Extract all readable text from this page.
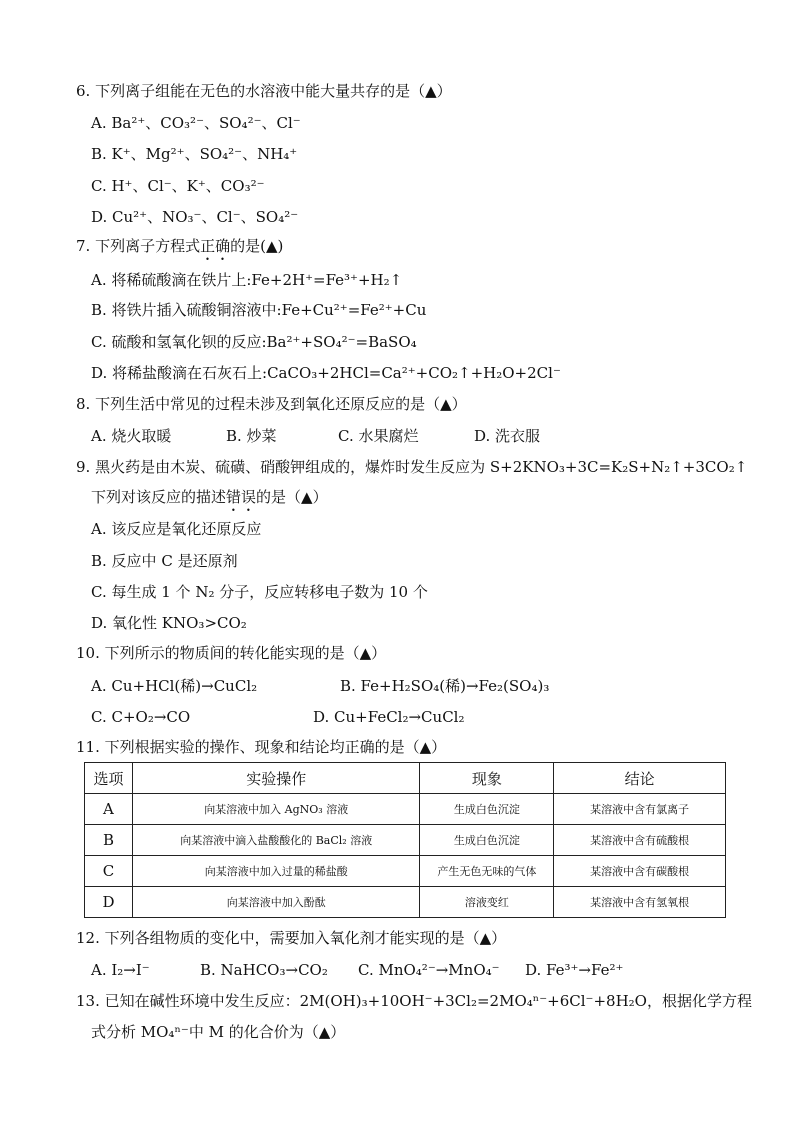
6. 下列离子组能在无色的水溶液中能大量共存的是（▲）
A. Ba²⁺、CO₃²⁻、SO₄²⁻、Cl⁻
B. K⁺、Mg²⁺、SO₄²⁻、NH₄⁺
C. H⁺、Cl⁻、K⁺、CO₃²⁻
D. Cu²⁺、NO₃⁻、Cl⁻、SO₄²⁻
7. 下列离子方程式正确的是(▲)
A. 将稀硫酸滴在铁片上:Fe+2H⁺=Fe³⁺+H₂↑
B. 将铁片插入硫酸铜溶液中:Fe+Cu²⁺=Fe²⁺+Cu
C. 硫酸和氢氧化钡的反应:Ba²⁺+SO₄²⁻=BaSO₄
D. 将稀盐酸滴在石灰石上:CaCO₃+2HCl=Ca²⁺+CO₂↑+H₂O+2Cl⁻
8. 下列生活中常见的过程未涉及到氧化还原反应的是（▲）
A. 烧火取暖	B. 炒菜	C. 水果腐烂	D. 洗衣服
9. 黑火药是由木炭、硫磺、硝酸钾组成的，爆炸时发生反应为 S+2KNO₃+3C=K₂S+N₂↑+3CO₂↑
下列对该反应的描述错误的是（▲）
A. 该反应是氧化还原反应
B. 反应中 C 是还原剂
C. 每生成 1 个 N₂ 分子，反应转移电子数为 10 个
D. 氧化性 KNO₃>CO₂
10. 下列所示的物质间的转化能实现的是（▲）
A. Cu+HCl(稀)→CuCl₂	B. Fe+H₂SO₄(稀)→Fe₂(SO₄)₃
C. C+O₂→CO	D. Cu+FeCl₂→CuCl₂
11. 下列根据实验的操作、现象和结论均正确的是（▲）
选项	实验操作	现象	结论
A	向某溶液中加入 AgNO₃ 溶液	生成白色沉淀	某溶液中含有氯离子
B	向某溶液中滴入盐酸酸化的 BaCl₂ 溶液	生成白色沉淀	某溶液中含有硫酸根
C	向某溶液中加入过量的稀盐酸	产生无色无味的气体	某溶液中含有碳酸根
D	向某溶液中加入酚酞	溶液变红	某溶液中含有氢氧根
12. 下列各组物质的变化中，需要加入氧化剂才能实现的是（▲）
A. I₂→I⁻	B. NaHCO₃→CO₂ C. MnO₄²⁻→MnO₄⁻ D. Fe³⁺→Fe²⁺
13. 已知在碱性环境中发生反应：2M(OH)₃+10OH⁻+3Cl₂=2MO₄ⁿ⁻+6Cl⁻+8H₂O，根据化学方程
式分析 MO₄ⁿ⁻中 M 的化合价为（▲）
